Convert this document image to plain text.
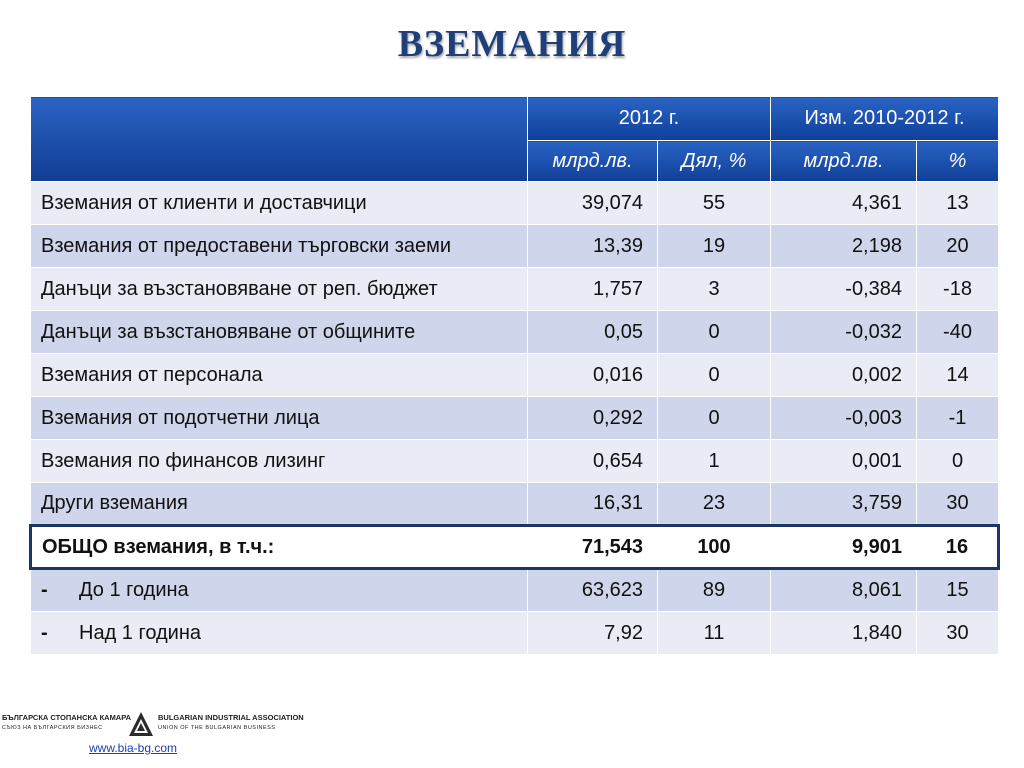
ВЗЕМАНИЯ
	2012 г.		Изм. 2010-2012 г.	
	млрд.лв.	Дял, %	млрд.лв.	%
Вземания от клиенти и доставчици	39,074	55	4,361	13
Вземания от предоставени търговски заеми	13,39	19	2,198	20
Данъци за възстановяване от реп. бюджет	1,757	3	-0,384	-18
Данъци за възстановяване от общините	0,05	0	-0,032	-40
Вземания от персонала	0,016	0	0,002	14
Вземания от подотчетни лица	0,292	0	-0,003	-1
Вземания по финансов лизинг	0,654	1	0,001	0
Други вземания	16,31	23	3,759	30
ОБЩО вземания, в т.ч.:	71,543	100	9,901	16
- До 1 година	63,623	89	8,061	15
- Над 1 година	7,92	11	1,840	30
БЪЛГАРСКА СТОПАНСКА КАМАРА
СЪЮЗ НА БЪЛГАРСКИЯ БИЗНЕС
BULGARIAN INDUSTRIAL ASSOCIATION
UNION OF THE BULGARIAN BUSINESS
www.bia-bg.com
